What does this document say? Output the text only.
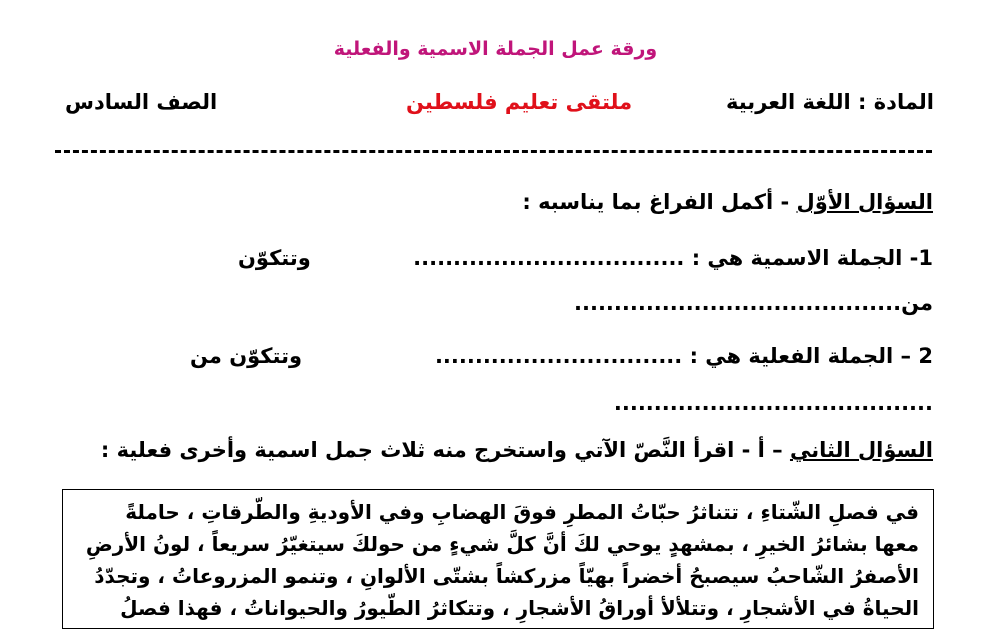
ورقة عمل الجملة الاسمية والفعلية
المادة : اللغة العربية
ملتقى تعليم فلسطين
الصف السادس
السؤال الأوّل - أكمل الفراغ بما يناسبه :
1- الجملة الاسمية هي : ..................................
وتتكوّن
من.........................................
2 – الجملة الفعلية هي : ...............................
وتتكوّن من
........................................
السؤال الثاني – أ - اقرأ النَّصّ الآتي واستخرج منه ثلاث جمل اسمية وأخرى فعلية :
في فصلِ الشّتاءِ ، تتناثرُ حبّاتُ المطرِ فوقَ الهضابِ وفي الأوديةِ والطّرقاتِ ، حاملةً
معها بشائرُ الخيرِ ، بمشهدٍ يوحي لكَ أنَّ كلَّ شيءٍ من حولكَ سيتغيّرُ سريعاً ، لونُ الأرضِ
الأصفرُ الشّاحبُ سيصبحُ أخضراً بهيّاً مزركشاً بشتّى الألوانِ ، وتنمو المزروعاتُ ، وتجدّدُ
الحياةُ في الأشجارِ ، وتتلألأ أوراقُ الأشجارِ ، وتتكاثرُ الطّيورُ والحيواناتُ ، فهذا فصلُ
